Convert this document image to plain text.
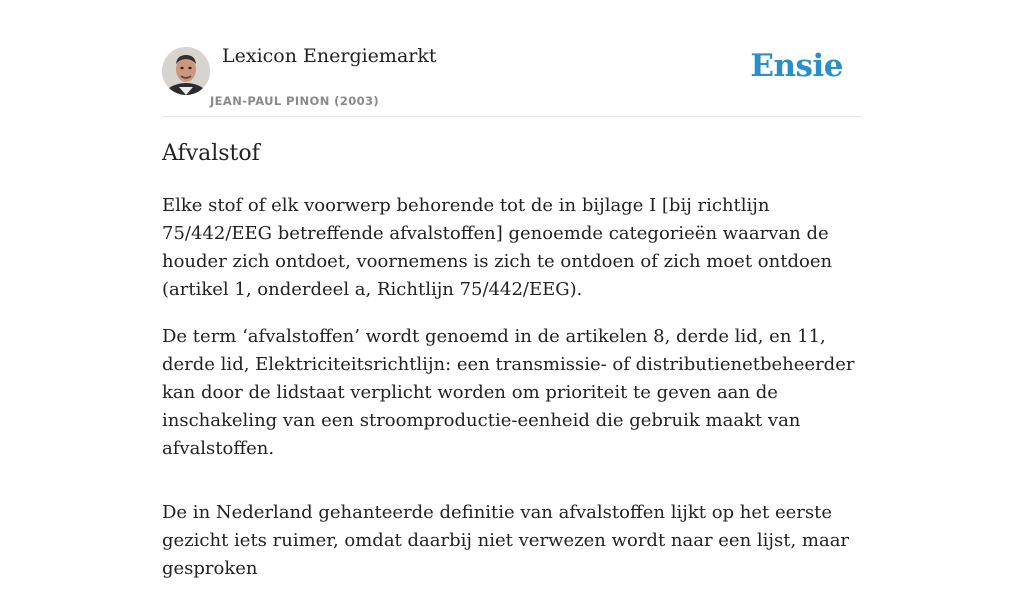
Lexicon Energiemarkt
JEAN-PAUL PINON (2003)
Ensie
Afvalstof

Elke stof of elk voorwerp behorende tot de in bijlage I [bij richtlijn 75/442/EEG betreffende afvalstoffen] genoemde categorieën waarvan de houder zich ontdoet, voornemens is zich te ontdoen of zich moet ontdoen (artikel 1, onderdeel a, Richtlijn 75/442/EEG).

De term ‘afvalstoffen’ wordt genoemd in de artikelen 8, derde lid, en 11, derde lid, Elektriciteitsrichtlijn: een transmissie- of distributienetbeheerder kan door de lidstaat verplicht worden om prioriteit te geven aan de inschakeling van een stroomproductie-eenheid die gebruik maakt van afvalstoffen.

De in Nederland gehanteerde definitie van afvalstoffen lijkt op het eerste gezicht iets ruimer, omdat daarbij niet verwezen wordt naar een lijst, maar gesproken
